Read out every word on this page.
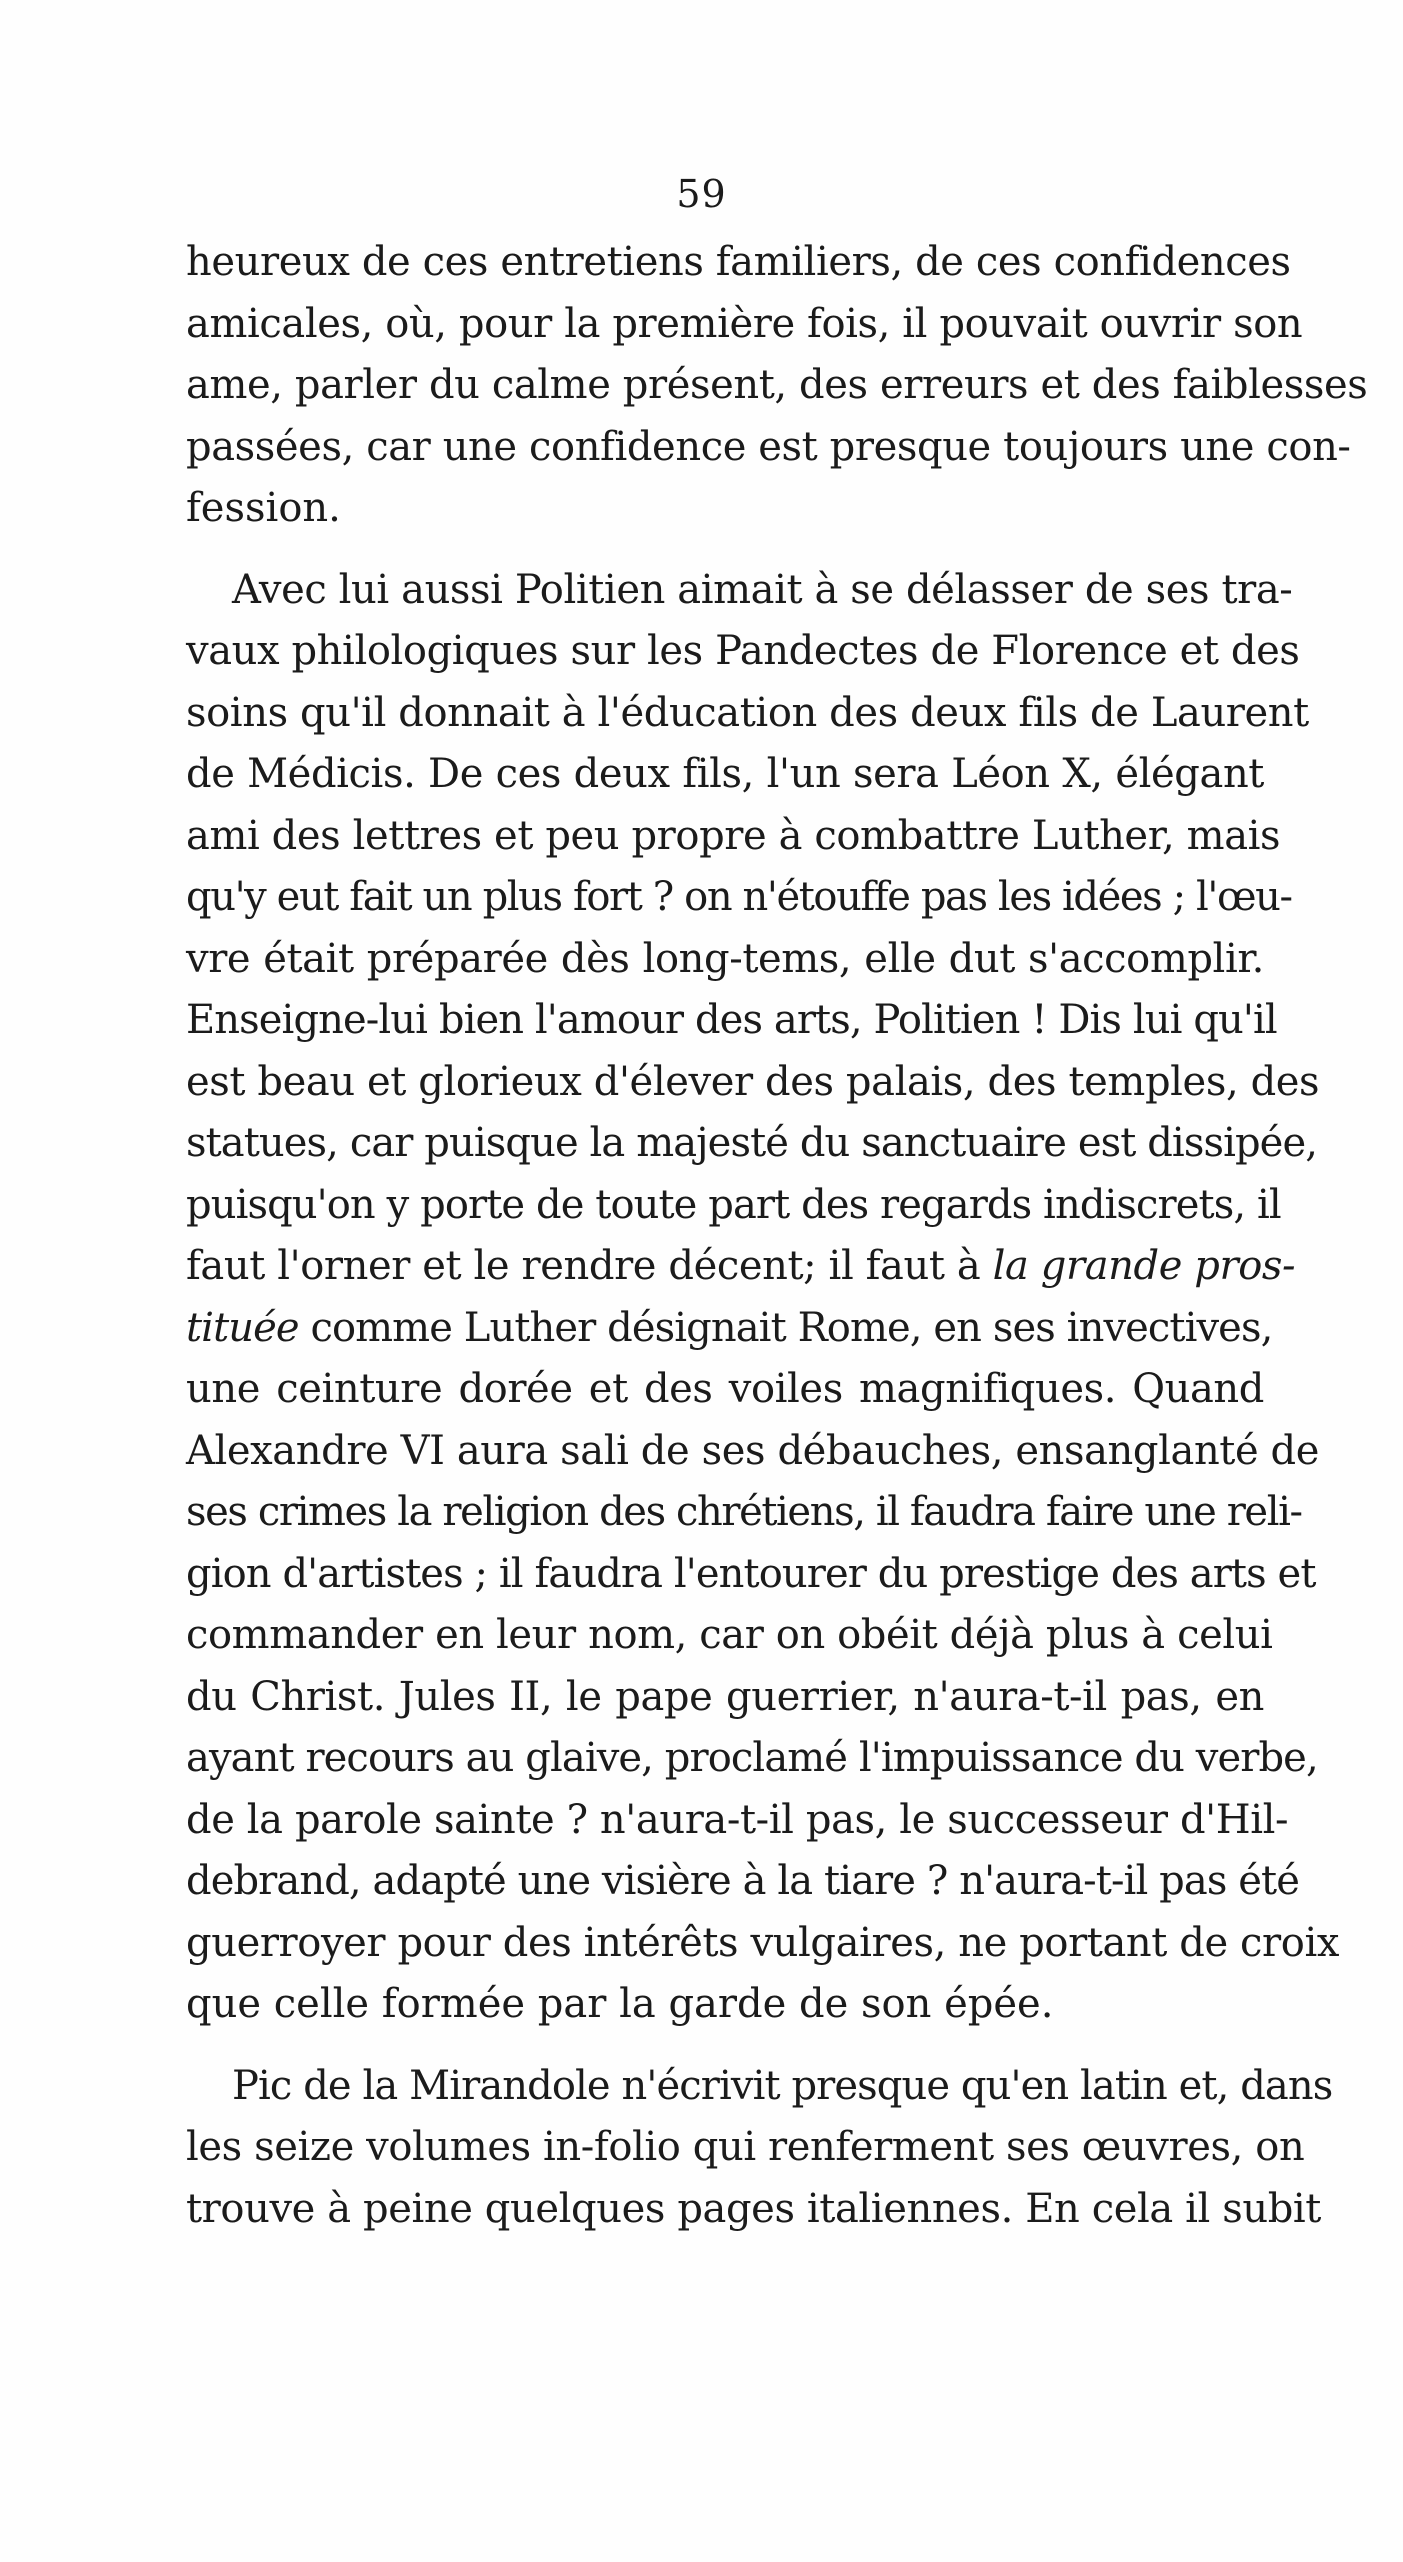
59
heureux de ces entretiens familiers, de ces confidences
amicales, où, pour la première fois, il pouvait ouvrir son
ame, parler du calme présent, des erreurs et des faiblesses
passées, car une confidence est presque toujours une con-
fession.
Avec lui aussi Politien aimait à se délasser de ses tra-
vaux philologiques sur les Pandectes de Florence et des
soins qu'il donnait à l'éducation des deux fils de Laurent
de Médicis. De ces deux fils, l'un sera Léon X, élégant
ami des lettres et peu propre à combattre Luther, mais
qu'y eut fait un plus fort ? on n'étouffe pas les idées ; l'œu-
vre était préparée dès long-tems, elle dut s'accomplir.
Enseigne-lui bien l'amour des arts, Politien ! Dis lui qu'il
est beau et glorieux d'élever des palais, des temples, des
statues, car puisque la majesté du sanctuaire est dissipée,
puisqu'on y porte de toute part des regards indiscrets, il
faut l'orner et le rendre décent; il faut à la grande pros-
tituée comme Luther désignait Rome, en ses invectives,
une ceinture dorée et des voiles magnifiques. Quand
Alexandre VI aura sali de ses débauches, ensanglanté de
ses crimes la religion des chrétiens, il faudra faire une reli-
gion d'artistes ; il faudra l'entourer du prestige des arts et
commander en leur nom, car on obéit déjà plus à celui
du Christ. Jules II, le pape guerrier, n'aura-t-il pas, en
ayant recours au glaive, proclamé l'impuissance du verbe,
de la parole sainte ? n'aura-t-il pas, le successeur d'Hil-
debrand, adapté une visière à la tiare ? n'aura-t-il pas été
guerroyer pour des intérêts vulgaires, ne portant de croix
que celle formée par la garde de son épée.
Pic de la Mirandole n'écrivit presque qu'en latin et, dans
les seize volumes in-folio qui renferment ses œuvres, on
trouve à peine quelques pages italiennes. En cela il subit
